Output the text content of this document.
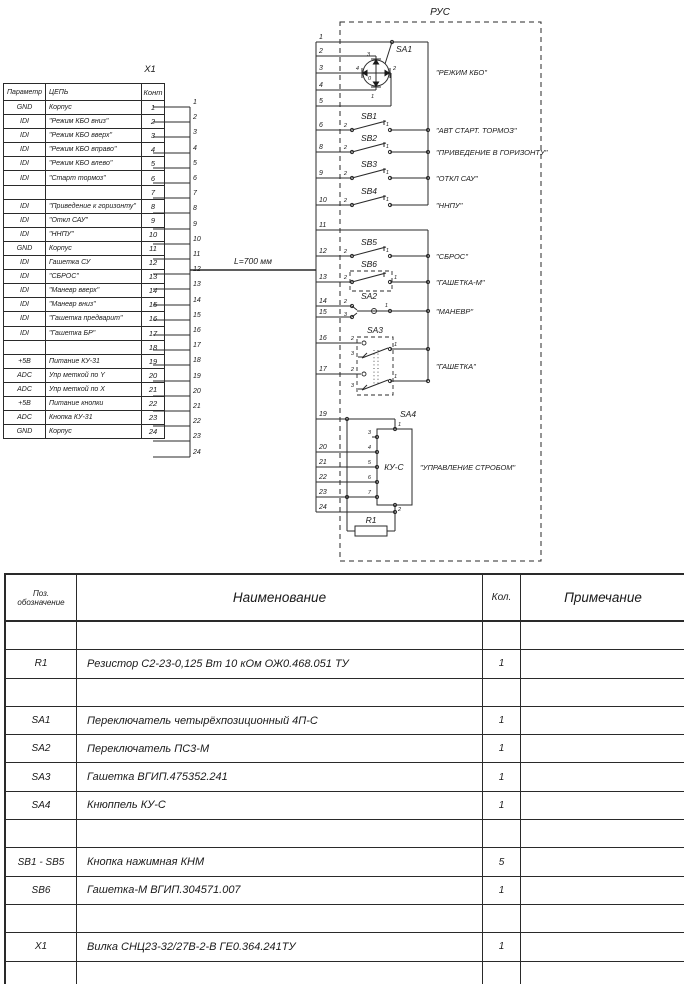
X1
Параметр	ЦЕПЬ	Конт
GND	Корпус	1
IDI	"Режим КБО вниз"	2
IDI	"Режим КБО вверх"	3
IDI	"Режим КБО вправо"	4
IDI	"Режим КБО влево"	5
IDI	"Старт тормоз"	6
		7
IDI	"Приведение к горизонту"	8
IDI	"Откл САУ"	9
IDI	"ННПУ"	10
GND	Корпус	11
IDI	Гашетка СУ	12
IDI	"СБРОС"	13
IDI	"Маневр вверх"	14
IDI	"Маневр вниз"	15
IDI	"Гашетка предварит"	16
IDI	"Гашетка БР"	17
		18
+5В	Питание КУ-31	19
ADC	Упр меткой по Y	20
ADC	Упр меткой по X	21
+5В	Питание кнопки	22
ADC	Кнопка КУ-31	23
GND	Корпус	24
1
2
3
4
5
6
7
8
9
10
11
12
13
14
15
16
17
18
19
20
21
22
23
24
L=700 мм
РУС
3
2
4
1
0
1
2
3
4
5
6
8
9
10
11
12
13
14
15
16
17
19
20
21
22
23
24
2	1
2	1
2	1
2	1
2	1
2	1
2
3
1
2
3
1
2
3
1
1
3
4
5
6
7
2
SA1
SB1
SB2
SB3
SB4
SB5
SB6
SA2
SA3
SA4
КУ-С
R1
"РЕЖИМ КБО"
"АВТ СТАРТ. ТОРМОЗ"
"ПРИВЕДЕНИЕ В ГОРИЗОНТУ"
"ОТКЛ САУ"
"ННПУ"
"СБРОС"
"ГАШЕТКА-М"
"МАНЕВР"
"ГАШЕТКА"
"УПРАВЛЕНИЕ СТРОБОМ"
Поз.
обозначение	Наименование	Кол.	Примечание

R1	Резистор С2-23-0,125 Вт 10 кОм ОЖ0.468.051 ТУ	1	

SA1	Переключатель четырёхпозиционный 4П-С	1	
SA2	Переключатель ПС3-М	1	
SA3	Гашетка ВГИП.475352.241	1	
SA4	Кнюппель КУ-С	1	

SB1 - SB5	Кнопка нажимная КНМ	5	
SB6	Гашетка-М ВГИП.304571.007	1	

X1	Вилка СНЦ23-32/27В-2-В ГЕ0.364.241ТУ	1	
